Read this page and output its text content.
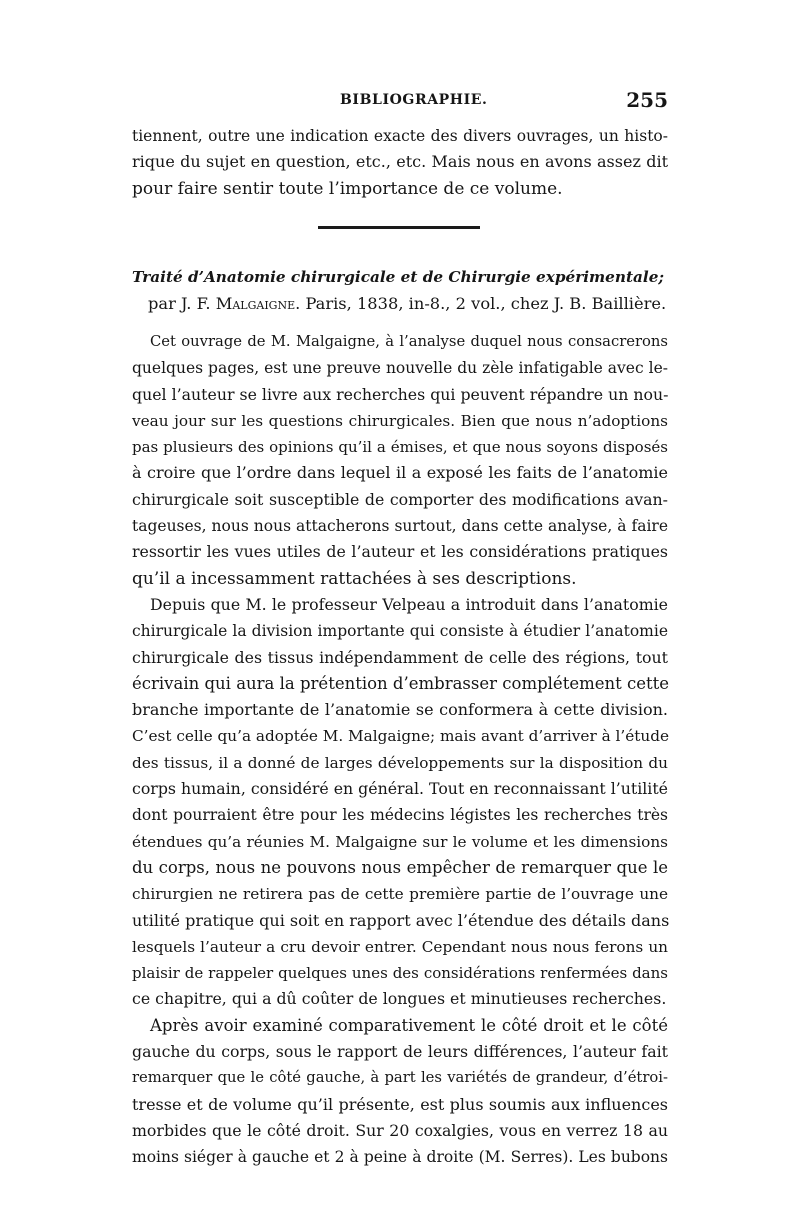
BIBLIOGRAPHIE.	255
tiennent, outre une indication exacte des divers ouvrages, un histo-
rique du sujet en question, etc., etc. Mais nous en avons assez dit
pour faire sentir toute l’importance de ce volume.
Traité d’Anatomie chirurgicale et de Chirurgie expérimentale;
par J. F. Malgaigne. Paris, 1838, in-8., 2 vol., chez J. B. Baillière.
Cet ouvrage de M. Malgaigne, à l’analyse duquel nous consacrerons
quelques pages, est une preuve nouvelle du zèle infatigable avec le-
quel l’auteur se livre aux recherches qui peuvent répandre un nou-
veau jour sur les questions chirurgicales. Bien que nous n’adoptions
pas plusieurs des opinions qu’il a émises, et que nous soyons disposés
à croire que l’ordre dans lequel il a exposé les faits de l’anatomie
chirurgicale soit susceptible de comporter des modifications avan-
tageuses, nous nous attacherons surtout, dans cette analyse, à faire
ressortir les vues utiles de l’auteur et les considérations pratiques
qu’il a incessamment rattachées à ses descriptions.
Depuis que M. le professeur Velpeau a introduit dans l’anatomie
chirurgicale la division importante qui consiste à étudier l’anatomie
chirurgicale des tissus indépendamment de celle des régions, tout
écrivain qui aura la prétention d’embrasser complétement cette
branche importante de l’anatomie se conformera à cette division.
C’est celle qu’a adoptée M. Malgaigne; mais avant d’arriver à l’étude
des tissus, il a donné de larges développements sur la disposition du
corps humain, considéré en général. Tout en reconnaissant l’utilité
dont pourraient être pour les médecins légistes les recherches très
étendues qu’a réunies M. Malgaigne sur le volume et les dimensions
du corps, nous ne pouvons nous empêcher de remarquer que le
chirurgien ne retirera pas de cette première partie de l’ouvrage une
utilité pratique qui soit en rapport avec l’étendue des détails dans
lesquels l’auteur a cru devoir entrer. Cependant nous nous ferons un
plaisir de rappeler quelques unes des considérations renfermées dans
ce chapitre, qui a dû coûter de longues et minutieuses recherches.
Après avoir examiné comparativement le côté droit et le côté
gauche du corps, sous le rapport de leurs différences, l’auteur fait
remarquer que le côté gauche, à part les variétés de grandeur, d’étroi-
tresse et de volume qu’il présente, est plus soumis aux influences
morbides que le côté droit. Sur 20 coxalgies, vous en verrez 18 au
moins siéger à gauche et 2 à peine à droite (M. Serres). Les bubons
